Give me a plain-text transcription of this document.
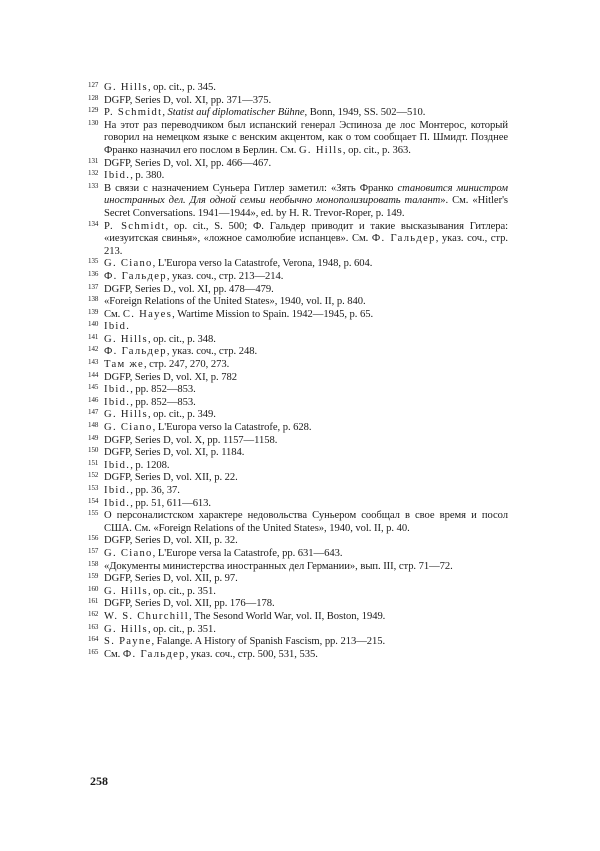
127 G. Hills, op. cit., p. 345.
128 DGFP, Series D, vol. XI, pp. 371—375.
129 P. Schmidt, Statist auf diplomatischer Bühne, Bonn, 1949, SS. 502—510.
130 На этот раз переводчиком был испанский генерал Эспиноза де лос Монтерос, который говорил на немецком языке с венским акцентом, как о том сообщает П. Шмидт. Позднее Франко назначил его послом в Берлин. См. G. Hills, op. cit., p. 363.
131 DGFP, Series D, vol. XI, pp. 466—467.
132 Ibid., p. 380.
133 В связи с назначением Суньера Гитлер заметил: «Зять Франко становится министром иностранных дел. Для одной семьи необычно монополизировать талант». См. «Hitler's Secret Conversations. 1941—1944», ed. by H. R. Trevor-Roper, p. 149.
134 P. Schmidt, op. cit., S. 500; Ф. Гальдер приводит и такие высказывания Гитлера: «иезуитская свинья», «ложное самолюбие испанцев». См. Ф. Гальдер, указ. соч., стр. 213.
135 G. Ciano, L'Europa verso la Catastrofe, Verona, 1948, p. 604.
136 Ф. Гальдер, указ. соч., стр. 213—214.
137 DGFP, Series D., vol. XI, pp. 478—479.
138 «Foreign Relations of the United States», 1940, vol. II, p. 840.
139 См. C. Hayes, Wartime Mission to Spain. 1942—1945, p. 65.
140 Ibid.
141 G. Hills, op. cit., p. 348.
142 Ф. Гальдер, указ. соч., стр. 248.
143 Там же, стр. 247, 270, 273.
144 DGFP, Series D, vol. XI, p. 782
145 Ibid., pp. 852—853.
146 Ibid., pp. 852—853.
147 G. Hills, op. cit., p. 349.
148 G. Ciano, L'Europa verso la Catastrofe, p. 628.
149 DGFP, Series D, vol. X, pp. 1157—1158.
150 DGFP, Series D, vol. XI, p. 1184.
151 Ibid., p. 1208.
152 DGFP, Series D, vol. XII, p. 22.
153 Ibid., pp. 36, 37.
154 Ibid., pp. 51, 611—613.
155 О персоналистском характере недовольства Суньером сообщал в свое время и посол США. См. «Foreign Relations of the United States», 1940, vol. II, p. 40.
156 DGFP, Series D, vol. XII, p. 32.
157 G. Ciano, L'Europe versa la Catastrofe, pp. 631—643.
158 «Документы министерства иностранных дел Германии», вып. III, стр. 71—72.
159 DGFP, Series D, vol. XII, p. 97.
160 G. Hills, op. cit., p. 351.
161 DGFP, Series D, vol. XII, pp. 176—178.
162 W. S. Churchill, The Sesond World War, vol. II, Boston, 1949.
163 G. Hills, op. cit., p. 351.
164 S. Payne, Falange. A History of Spanish Fascism, pp. 213—215.
165 См. Ф. Гальдер, указ. соч., стр. 500, 531, 535.
258
